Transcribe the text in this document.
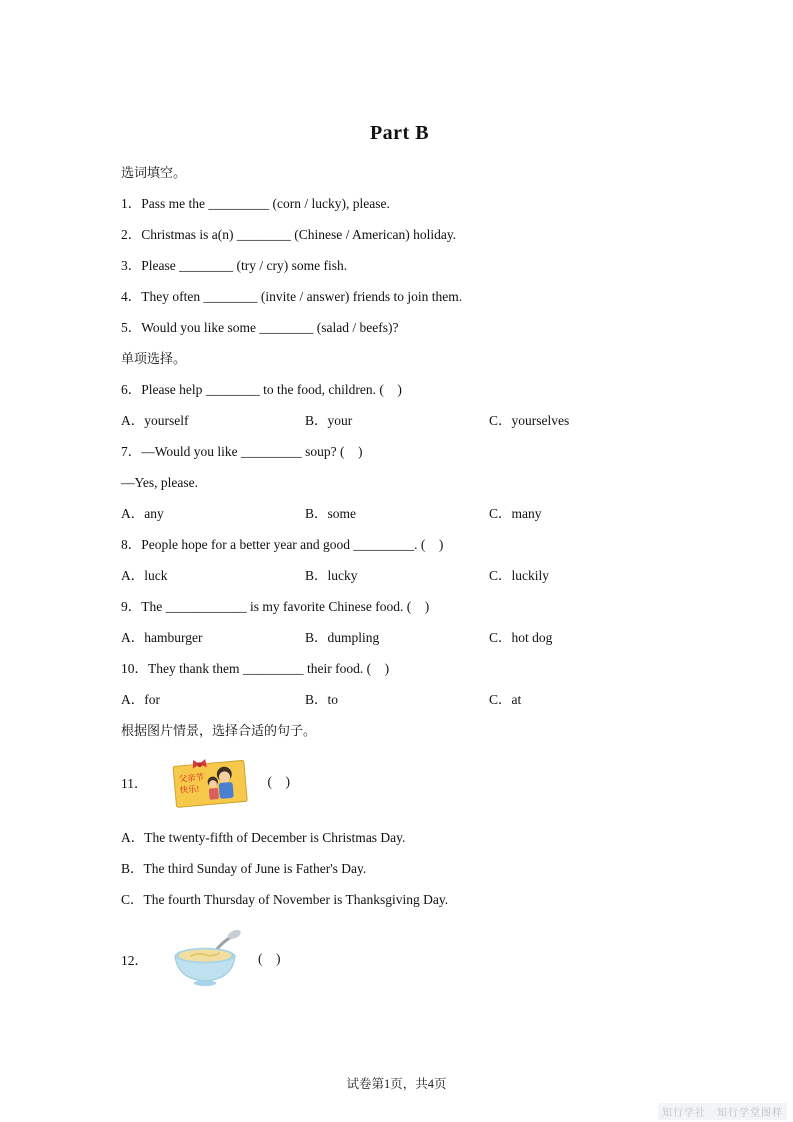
Part B

选词填空。

1．Pass me the _________ (corn / lucky), please.

2．Christmas is a(n) ________ (Chinese / American) holiday.

3．Please ________ (try / cry) some fish.

4．They often ________ (invite / answer) friends to join them.

5．Would you like some ________ (salad / beefs)?

单项选择。

6．Please help ________ to the food, children. (    )

A．yourself	B．your	C．yourselves

7．—Would you like _________ soup? (    )

—Yes, please.

A．any	B．some	C．many

8．People hope for a better year and good _________. (    )

A．luck	B．lucky	C．luckily

9．The ____________ is my favorite Chinese food. (    )

A．hamburger	B．dumpling	C．hot dog

10．They thank them _________ their food. (    )

A．for	B．to	C．at

根据图片情景，选择合适的句子。

11．	父亲节
快乐!
(    )

A．The twenty-fifth of December is Christmas Day.

B．The third Sunday of June is Father's Day.

C．The fourth Thursday of November is Thanksgiving Day.

12．	(    )
试卷第1页，共4页
知行学社　知行学堂图样
